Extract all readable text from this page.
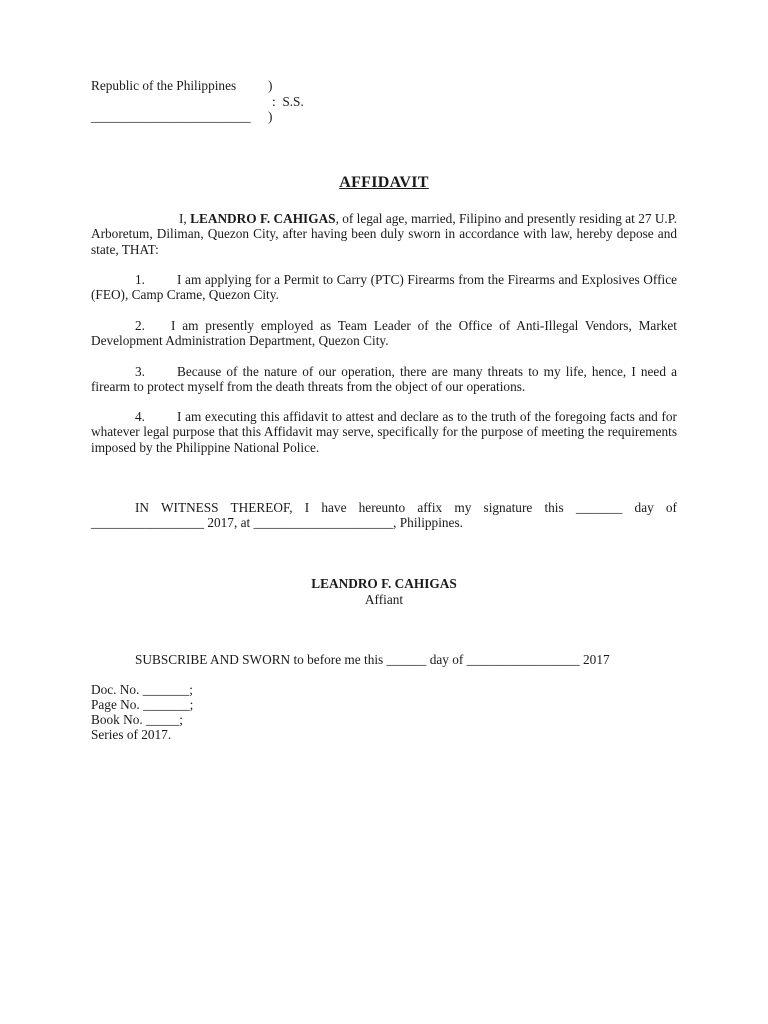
Republic of the Philippines )
:  S.S.
________________________ )
AFFIDAVIT

I, LEANDRO F. CAHIGAS, of legal age, married, Filipino and presently residing at 27 U.P. Arboretum, Diliman, Quezon City, after having been duly sworn in accordance with law, hereby depose and state, THAT:

1. I am applying for a Permit to Carry (PTC) Firearms from the Firearms and Explosives Office (FEO), Camp Crame, Quezon City.

2. I am presently employed as Team Leader of the Office of Anti-Illegal Vendors, Market Development Administration Department, Quezon City.

3. Because of the nature of our operation, there are many threats to my life, hence, I need a firearm to protect myself from the death threats from the object of our operations.

4. I am executing this affidavit to attest and declare as to the truth of the foregoing facts and for whatever legal purpose that this Affidavit may serve, specifically for the purpose of meeting the requirements imposed by the Philippine National Police.

IN WITNESS THEREOF, I have hereunto affix my signature this _______ day of _________________ 2017, at _____________________, Philippines.

LEANDRO F. CAHIGAS
Affiant
SUBSCRIBE AND SWORN to before me this ______ day of _________________ 2017
Doc. No. _______;
Page No. _______;
Book No. _____;
Series of 2017.
